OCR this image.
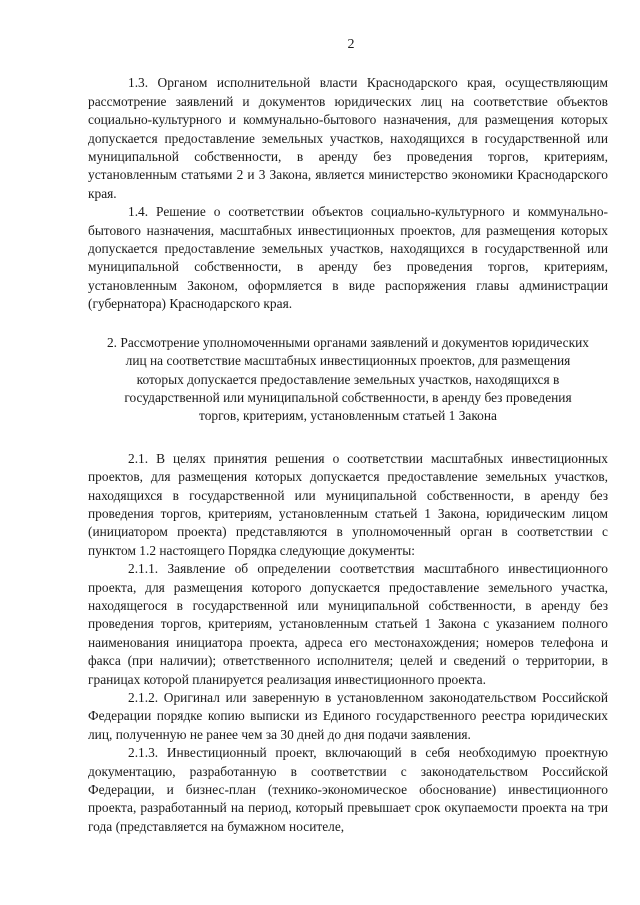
2

1.3. Органом исполнительной власти Краснодарского края, осуществляющим рассмотрение заявлений и документов юридических лиц на соответствие объектов социально-культурного и коммунально-бытового назначения, для размещения которых допускается предоставление земельных участков, находящихся в государственной или муниципальной собственности, в аренду без проведения торгов, критериям, установленным статьями 2 и 3 Закона, является министерство экономики Краснодарского края.

1.4. Решение о соответствии объектов социально-культурного и коммунально-бытового назначения, масштабных инвестиционных проектов, для размещения которых допускается предоставление земельных участков, находящихся в государственной или муниципальной собственности, в аренду без проведения торгов, критериям, установленным Законом, оформляется в виде распоряжения главы администрации (губернатора) Краснодарского края.

2. Рассмотрение уполномоченными органами заявлений и документов юридических лиц на соответствие масштабных инвестиционных проектов, для размещения которых допускается предоставление земельных участков, находящихся в государственной или муниципальной собственности, в аренду без проведения торгов, критериям, установленным статьей 1 Закона

2.1. В целях принятия решения о соответствии масштабных инвестиционных проектов, для размещения которых допускается предоставление земельных участков, находящихся в государственной или муниципальной собственности, в аренду без проведения торгов, критериям, установленным статьей 1 Закона, юридическим лицом (инициатором проекта) представляются в уполномоченный орган в соответствии с пунктом 1.2 настоящего Порядка следующие документы:

2.1.1. Заявление об определении соответствия масштабного инвестиционного проекта, для размещения которого допускается предоставление земельного участка, находящегося в государственной или муниципальной собственности, в аренду без проведения торгов, критериям, установленным статьей 1 Закона с указанием полного наименования инициатора проекта, адреса его местонахождения; номеров телефона и факса (при наличии); ответственного исполнителя; целей и сведений о территории, в границах которой планируется реализация инвестиционного проекта.

2.1.2. Оригинал или заверенную в установленном законодательством Российской Федерации порядке копию выписки из Единого государственного реестра юридических лиц, полученную не ранее чем за 30 дней до дня подачи заявления.

2.1.3. Инвестиционный проект, включающий в себя необходимую проектную документацию, разработанную в соответствии с законодательством Российской Федерации, и бизнес-план (технико-экономическое обоснование) инвестиционного проекта, разработанный на период, который превышает срок окупаемости проекта на три года (представляется на бумажном носителе,
